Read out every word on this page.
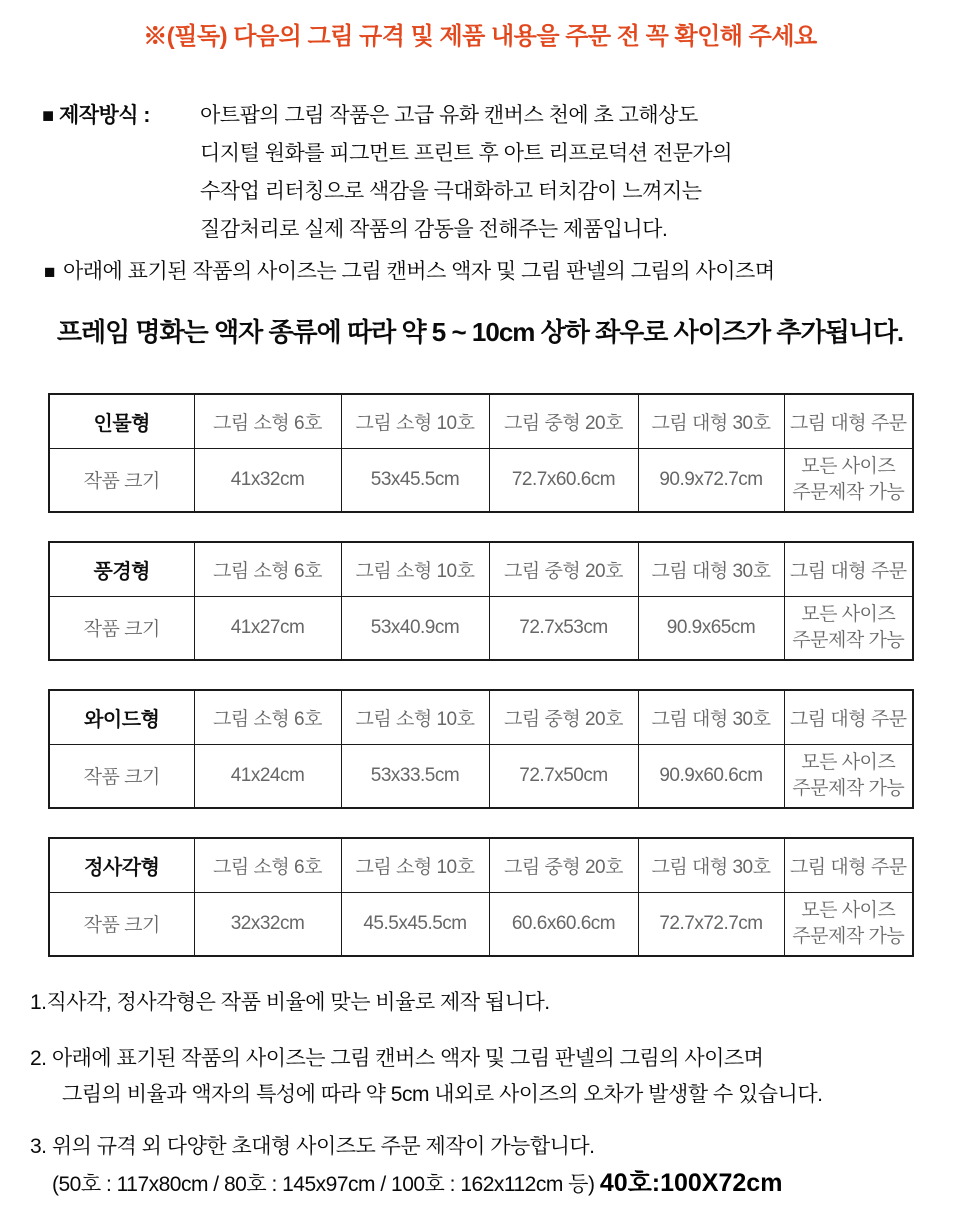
※(필독) 다음의 그림 규격 및 제품 내용을 주문 전 꼭 확인해 주세요
■ 제작방식 : 아트팝의 그림 작품은 고급 유화 캔버스 천에 초 고해상도
디지털 원화를 피그먼트 프린트 후 아트 리프로덕션 전문가의
수작업 리터칭으로 색감을 극대화하고 터치감이 느껴지는
질감처리로 실제 작품의 감동을 전해주는 제품입니다.
■ 아래에 표기된 작품의 사이즈는 그림 캔버스 액자 및 그림 판넬의 그림의 사이즈며
프레임 명화는 액자 종류에 따라 약 5 ~ 10cm 상하 좌우로 사이즈가 추가됩니다.
인물형	그림 소형 6호	그림 소형 10호	그림 중형 20호	그림 대형 30호	그림 대형 주문
작품 크기	41x32cm	53x45.5cm	72.7x60.6cm	90.9x72.7cm	모든 사이즈
주문제작 가능
풍경형	그림 소형 6호	그림 소형 10호	그림 중형 20호	그림 대형 30호	그림 대형 주문
작품 크기	41x27cm	53x40.9cm	72.7x53cm	90.9x65cm	모든 사이즈
주문제작 가능
와이드형	그림 소형 6호	그림 소형 10호	그림 중형 20호	그림 대형 30호	그림 대형 주문
작품 크기	41x24cm	53x33.5cm	72.7x50cm	90.9x60.6cm	모든 사이즈
주문제작 가능
정사각형	그림 소형 6호	그림 소형 10호	그림 중형 20호	그림 대형 30호	그림 대형 주문
작품 크기	32x32cm	45.5x45.5cm	60.6x60.6cm	72.7x72.7cm	모든 사이즈
주문제작 가능
1.직사각, 정사각형은 작품 비율에 맞는 비율로 제작 됩니다.
2. 아래에 표기된 작품의 사이즈는 그림 캔버스 액자 및 그림 판넬의 그림의 사이즈며
그림의 비율과 액자의 특성에 따라 약 5cm 내외로 사이즈의 오차가 발생할 수 있습니다.
3. 위의 규격 외 다양한 초대형 사이즈도 주문 제작이 가능합니다.
(50호 : 117x80cm / 80호 : 145x97cm / 100호 : 162x112cm 등) 40호:100X72cm
